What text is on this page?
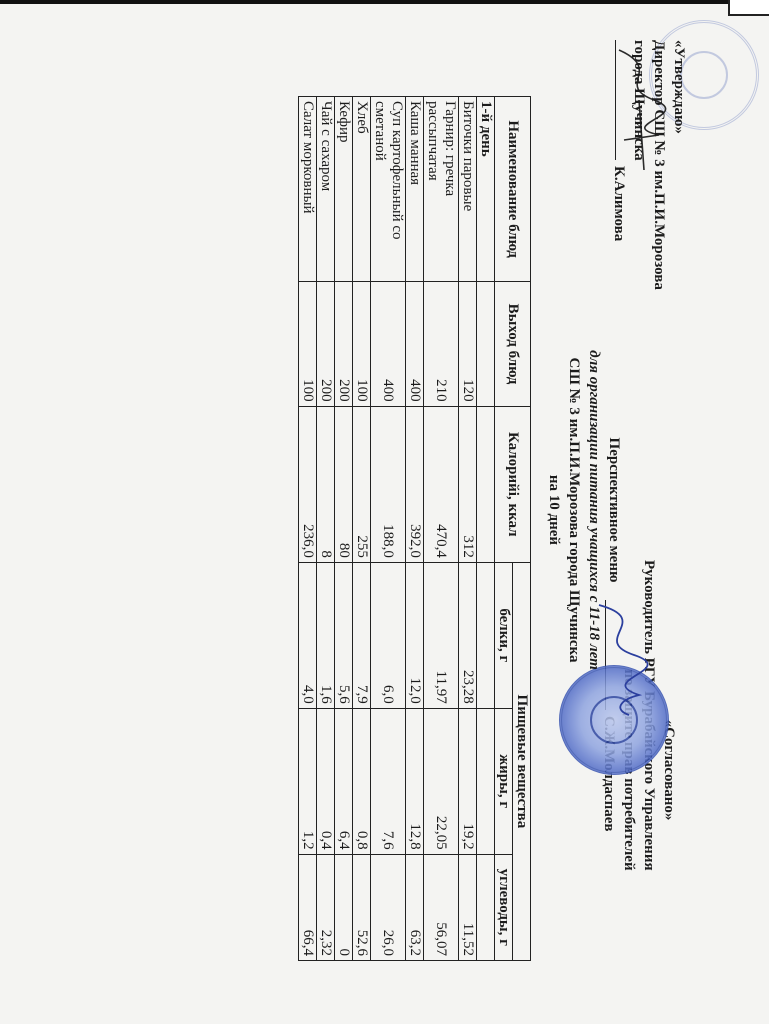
«Утверждаю»
Директор СШ № 3 им.П.И.Морозова
города Щучинска
К.Алимова
«Согласовано»
Перспективное меню
для организации питания учащихся с 11-18 лет
СШ № 3 им.П.И.Морозова города Щучинска
на 10 дней
Наименование блюд	Выход блюд	Калорийі, ккал	Пищевые вещества		
			белки, г	жиры, г	углеводы, г
1-й день					
Биточки паровые	120	312	23,28	19,2	11,52
Гарнир: гречка рассыпчатая	210	470,4	11,97	22,05	56,07
Каша манная	400	392,0	12,0	12,8	63,2
Суп картофельный со сметаной	400	188,0	6,0	7,6	26,0
Хлеб	100	255	7,9	0,8	52,6
Кефир	200	80	5,6	6,4	0
Чай с сахаром	200	8	1,6	0,4	2,32
Салат морковный	100	236,0	4,0	1,2	66,4
